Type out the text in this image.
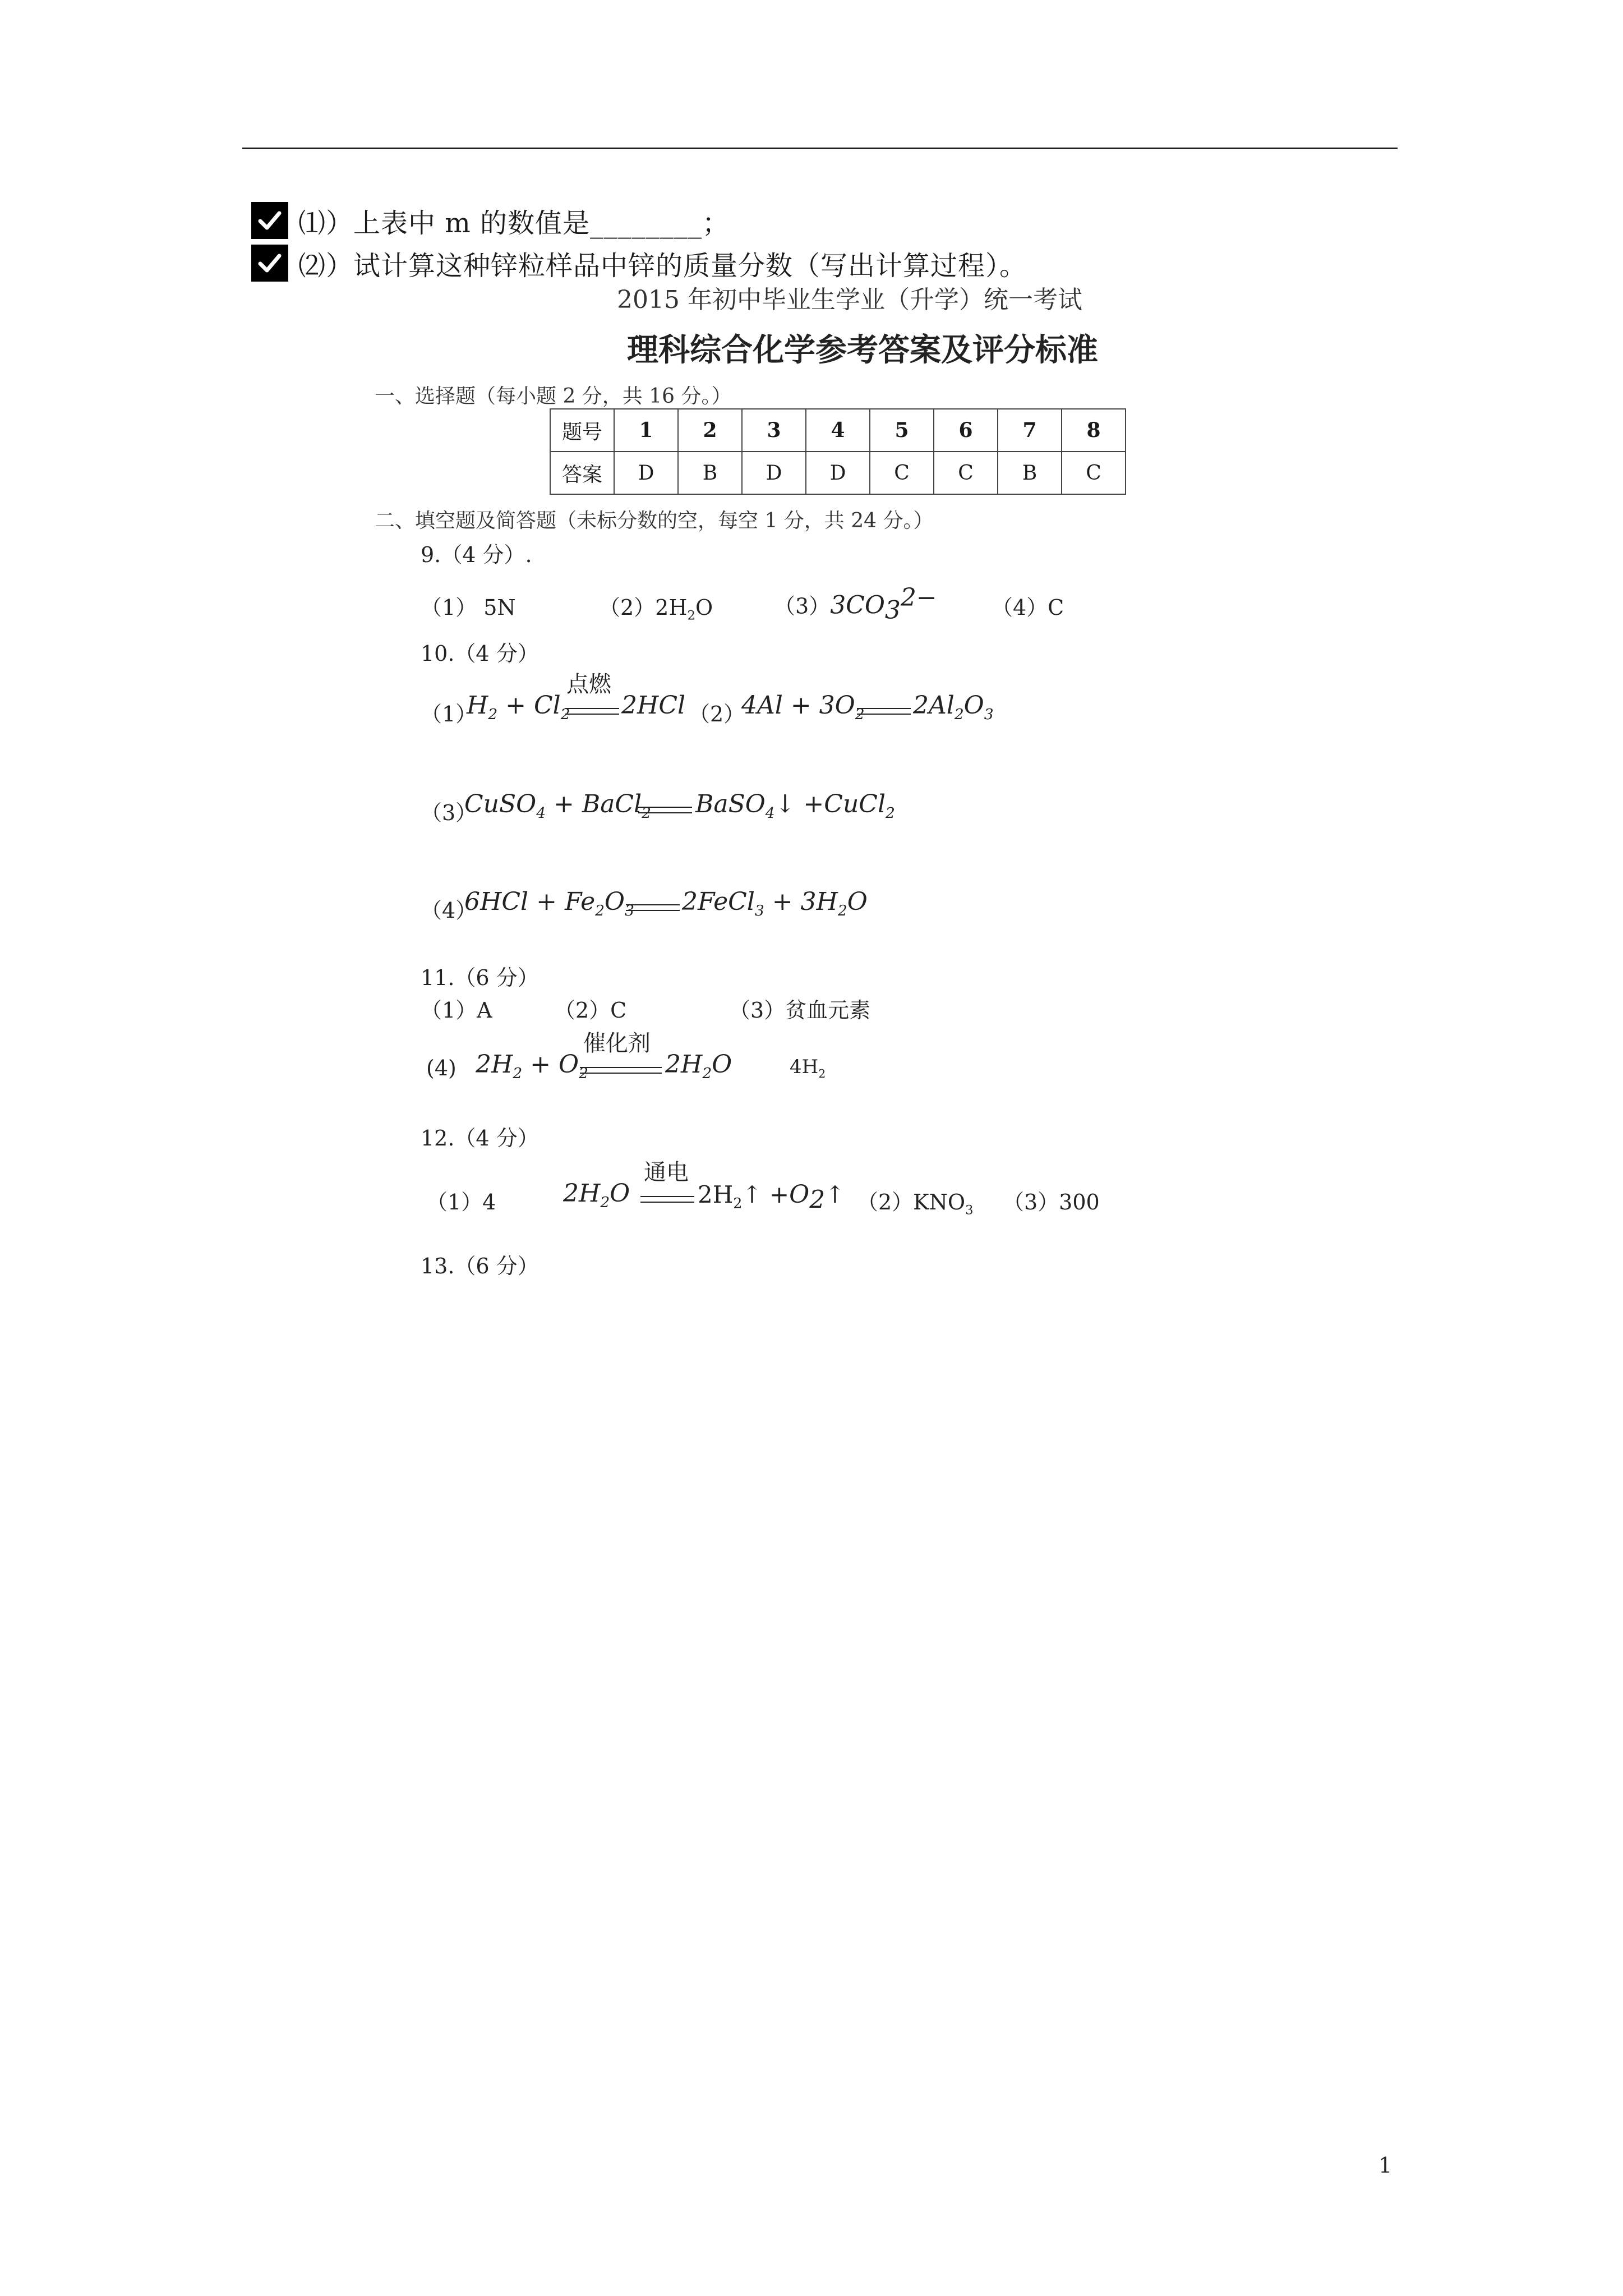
⑴）上表中 m 的数值是________；
⑵）试计算这种锌粒样品中锌的质量分数（写出计算过程）。
2015 年初中毕业生学业（升学）统一考试
理科综合化学参考答案及评分标准
一、选择题（每小题 2 分，共 16 分。）
题号	1	2	3	4	5	6	7	8
答案	D	B	D	D	C	C	B	C
二、填空题及简答题（未标分数的空，每空 1 分，共 24 分。）
9.（4 分）.
（1） 5N	$(2)2H_2O$	$(3)3CO_3^{2-}$	（4）C
10.（4 分）
（1）
$H_2 + Cl_2$
点燃
2HCl （2）
$4Al + 3O_2$ $2Al_2O_3$
（3）
CuSO$_4$ + BaCl$_2$ BaSO$_4$↓ +CuCl$_2$
（4）
$6HCl + Fe_2O_3$ 2FeCl$_3$ + $3H_2O$
11.（6 分）
（1）A	（2）C	（3）贫血元素
(4) $2H_2 + O_2$
催化剂
$2H_2O$	$4H_2$
12.（4 分）
（1）4	$2H_2O$
通电
$2H_2↑$ $+O_2↑$ $(2)KNO_3$ （3）300
13.（6 分）
1
